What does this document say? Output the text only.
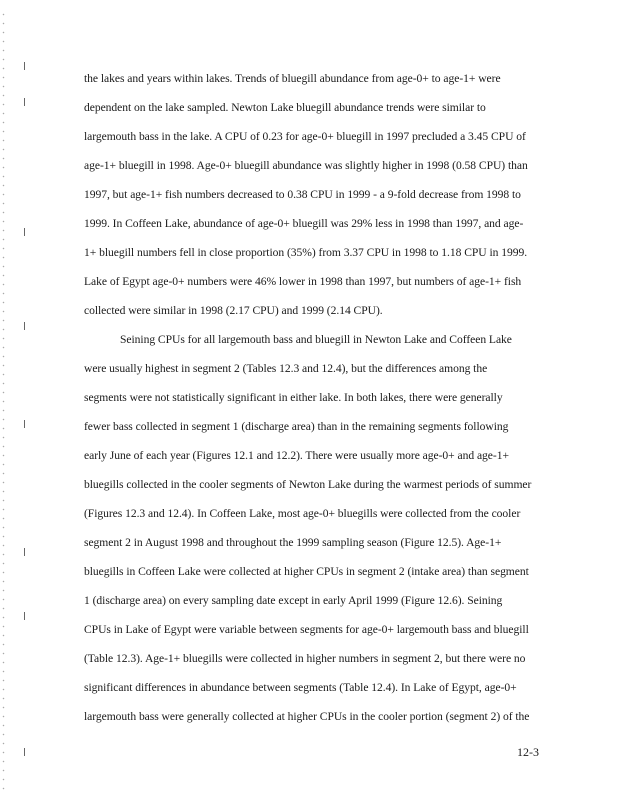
the lakes and years within lakes. Trends of bluegill abundance from age-0+ to age-1+ were
dependent on the lake sampled. Newton Lake bluegill abundance trends were similar to
largemouth bass in the lake. A CPU of 0.23 for age-0+ bluegill in 1997 precluded a 3.45 CPU of
age-1+ bluegill in 1998. Age-0+ bluegill abundance was slightly higher in 1998 (0.58 CPU) than
1997, but age-1+ fish numbers decreased to 0.38 CPU in 1999 - a 9-fold decrease from 1998 to
1999. In Coffeen Lake, abundance of age-0+ bluegill was 29% less in 1998 than 1997, and age-
1+ bluegill numbers fell in close proportion (35%) from 3.37 CPU in 1998 to 1.18 CPU in 1999.
Lake of Egypt age-0+ numbers were 46% lower in 1998 than 1997, but numbers of age-1+ fish
collected were similar in 1998 (2.17 CPU) and 1999 (2.14 CPU).
Seining CPUs for all largemouth bass and bluegill in Newton Lake and Coffeen Lake
were usually highest in segment 2 (Tables 12.3 and 12.4), but the differences among the
segments were not statistically significant in either lake. In both lakes, there were generally
fewer bass collected in segment 1 (discharge area) than in the remaining segments following
early June of each year (Figures 12.1 and 12.2). There were usually more age-0+ and age-1+
bluegills collected in the cooler segments of Newton Lake during the warmest periods of summer
(Figures 12.3 and 12.4). In Coffeen Lake, most age-0+ bluegills were collected from the cooler
segment 2 in August 1998 and throughout the 1999 sampling season (Figure 12.5). Age-1+
bluegills in Coffeen Lake were collected at higher CPUs in segment 2 (intake area) than segment
1 (discharge area) on every sampling date except in early April 1999 (Figure 12.6). Seining
CPUs in Lake of Egypt were variable between segments for age-0+ largemouth bass and bluegill
(Table 12.3). Age-1+ bluegills were collected in higher numbers in segment 2, but there were no
significant differences in abundance between segments (Table 12.4). In Lake of Egypt, age-0+
largemouth bass were generally collected at higher CPUs in the cooler portion (segment 2) of the

12-3
